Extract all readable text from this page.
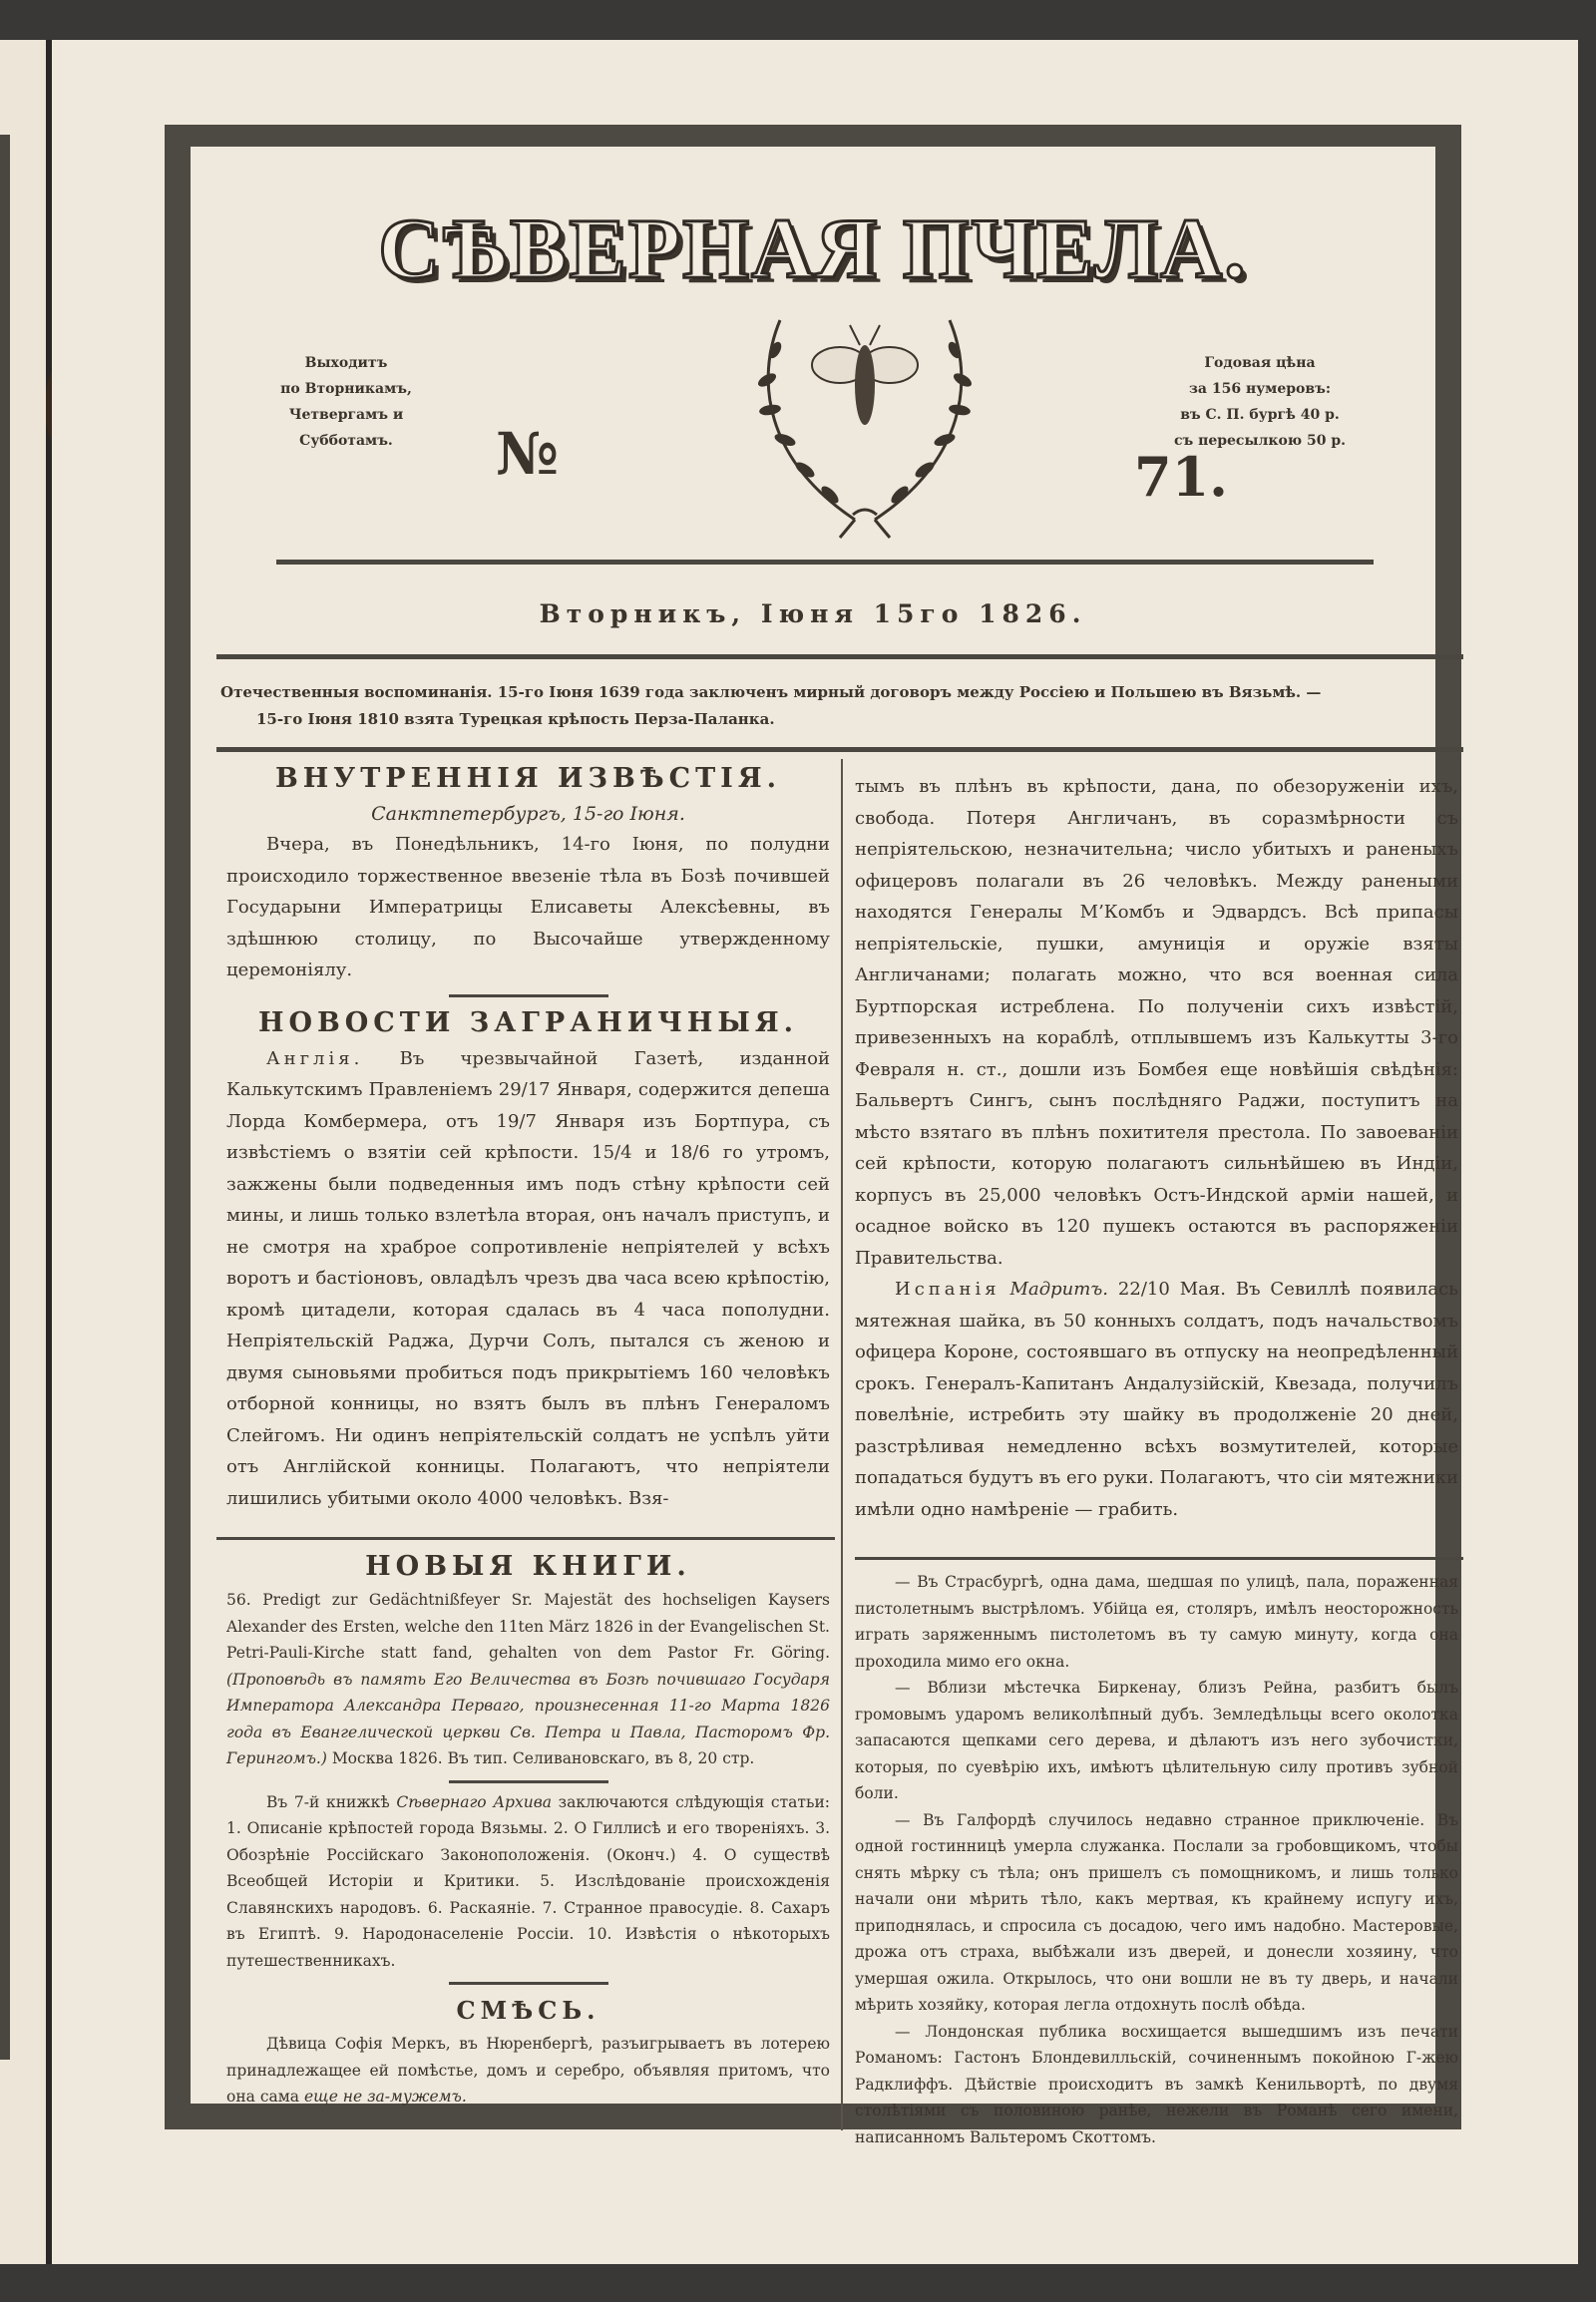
СѢВЕРНАЯ ПЧЕЛА.
Выходитъ
по Вторникамъ,
Четвергамъ и
Субботамъ.	№	71.
Годовая цѣна
за 156 нумеровъ:
въ С. П. бургѣ 40 р.
съ пересылкою 50 р.
Вторникъ, Іюня 15го 1826.
Отечественныя воспоминанія. 15-го Іюня 1639 года заключенъ мирный договоръ между Россіею и Польшею въ Вязьмѣ. —
15-го Іюня 1810 взята Турецкая крѣпость Перза-Паланка.
ВНУТРЕННІЯ ИЗВѢСТІЯ.
Санктпетербургъ, 15-го Іюня.

Вчера, въ Понедѣльникъ, 14-го Іюня, по полудни происходило торжественное ввезеніе тѣла въ Бозѣ почившей Государыни Императрицы Елисаветы Алексѣевны, въ здѣшнюю столицу, по Высочайше утвержденному церемоніялу.

НОВОСТИ ЗАГРАНИЧНЫЯ.

Англія. Въ чрезвычайной Газетѣ, изданной Калькутскимъ Правленіемъ 29/17 Января, содержится депеша Лорда Комбермера, отъ 19/7 Января изъ Бортпура, съ извѣстіемъ о взятіи сей крѣпости. 15/4 и 18/6 го утромъ, зажжены были подведенныя имъ подъ стѣну крѣпости сей мины, и лишь только взлетѣла вторая, онъ началъ приступъ, и не смотря на храброе сопротивленіе непріятелей у всѣхъ воротъ и бастіоновъ, овладѣлъ чрезъ два часа всею крѣпостію, кромѣ цитадели, которая сдалась въ 4 часа пополудни. Непріятельскій Раджа, Дурчи Солъ, пытался съ женою и двумя сыновьями пробиться подъ прикрытіемъ 160 человѣкъ отборной конницы, но взятъ былъ въ плѣнъ Генераломъ Слейгомъ. Ни одинъ непріятельскій солдатъ не успѣлъ уйти отъ Англійской конницы. Полагаютъ, что непріятели лишились убитыми около 4000 человѣкъ. Взя-

НОВЫЯ КНИГИ.
56. Predigt zur Gedächtnißfeyer Sr. Majestät des hochseligen Kaysers Alexander des Ersten, welche den 11ten März 1826 in der Evangelischen St. Petri-Pauli-Kirche statt fand, gehalten von dem Pastor Fr. Göring. (Проповѣдь въ память Его Величества въ Бозѣ почившаго Государя Императора Александра Перваго, произнесенная 11-го Марта 1826 года въ Евангелической церкви Св. Петра и Павла, Пасторомъ Фр. Герингомъ.) Москва 1826. Въ тип. Селивановскаго, въ 8, 20 стр.

Въ 7-й книжкѣ Сѣвернаго Архива заключаются слѣдующія статьи: 1. Описаніе крѣпостей города Вязьмы. 2. О Гиллисѣ и его твореніяхъ. 3. Обозрѣніе Россійскаго Законоположенія. (Оконч.) 4. О существѣ Всеобщей Исторіи и Критики. 5. Изслѣдованіе происхожденія Славянскихъ народовъ. 6. Раскаяніе. 7. Странное правосудіе. 8. Сахаръ въ Египтѣ. 9. Народонаселеніе Россіи. 10. Извѣстія о нѣкоторыхъ путешественникахъ.

СМѢСЬ.

Дѣвица Софія Меркъ, въ Нюренбергѣ, разъигрываетъ въ лотерею принадлежащее ей помѣстье, домъ и серебро, объявляя притомъ, что она сама еще не за-мужемъ.

тымъ въ плѣнъ въ крѣпости, дана, по обезоруженіи ихъ, свобода. Потеря Англичанъ, въ соразмѣрности съ непріятельскою, незначительна; число убитыхъ и раненыхъ офицеровъ полагали въ 26 человѣкъ. Между ранеными находятся Генералы М’Комбъ и Эдвардсъ. Всѣ припасы непріятельскіе, пушки, амуниція и оружіе взяты Англичанами; полагать можно, что вся военная сила Буртпорская истреблена. По полученіи сихъ извѣстій, привезенныхъ на кораблѣ, отплывшемъ изъ Калькутты 3-го Февраля н. ст., дошли изъ Бомбея еще новѣйшія свѣдѣнія: Бальвертъ Сингъ, сынъ послѣдняго Раджи, поступитъ на мѣсто взятаго въ плѣнъ похитителя престола. По завоеваніи сей крѣпости, которую полагаютъ сильнѣйшею въ Индіи, корпусъ въ 25,000 человѣкъ Остъ-Индской арміи нашей, и осадное войско въ 120 пушекъ остаются въ распоряженіи Правительства.

Испанія Мадритъ. 22/10 Мая. Въ Севиллѣ появилась мятежная шайка, въ 50 конныхъ солдатъ, подъ начальствомъ офицера Короне, состоявшаго въ отпуску на неопредѣленный срокъ. Генералъ-Капитанъ Андалузійскій, Квезада, получилъ повелѣніе, истребить эту шайку въ продолженіе 20 дней, разстрѣливая немедленно всѣхъ возмутителей, которые попадаться будутъ въ его руки. Полагаютъ, что сіи мятежники имѣли одно намѣреніе — грабить.

— Въ Страсбургѣ, одна дама, шедшая по улицѣ, пала, пораженная пистолетнымъ выстрѣломъ. Убійца ея, столяръ, имѣлъ неосторожность играть заряженнымъ пистолетомъ въ ту самую минуту, когда она проходила мимо его окна.

— Вблизи мѣстечка Биркенау, близъ Рейна, разбитъ былъ громовымъ ударомъ великолѣпный дубъ. Земледѣльцы всего околотка запасаются щепками сего дерева, и дѣлаютъ изъ него зубочистки, которыя, по суевѣрію ихъ, имѣютъ цѣлительную силу противъ зубной боли.

— Въ Галфордѣ случилось недавно странное приключеніе. Въ одной гостинницѣ умерла служанка. Послали за гробовщикомъ, чтобы снять мѣрку съ тѣла; онъ пришелъ съ помощникомъ, и лишь только начали они мѣрить тѣло, какъ мертвая, къ крайнему испугу ихъ, приподнялась, и спросила съ досадою, чего имъ надобно. Мастеровые, дрожа отъ страха, выбѣжали изъ дверей, и донесли хозяину, что умершая ожила. Открылось, что они вошли не въ ту дверь, и начали мѣрить хозяйку, которая легла отдохнуть послѣ обѣда.

— Лондонская публика восхищается вышедшимъ изъ печати Романомъ: Гастонъ Блондевилльскій, сочиненнымъ покойною Г-жею Радклиффъ. Дѣйствіе происходитъ въ замкѣ Кенильвортѣ, по двумя столѣтіями съ половиною ранѣе, нежели въ Романѣ сего имени, написанномъ Вальтеромъ Скоттомъ.
